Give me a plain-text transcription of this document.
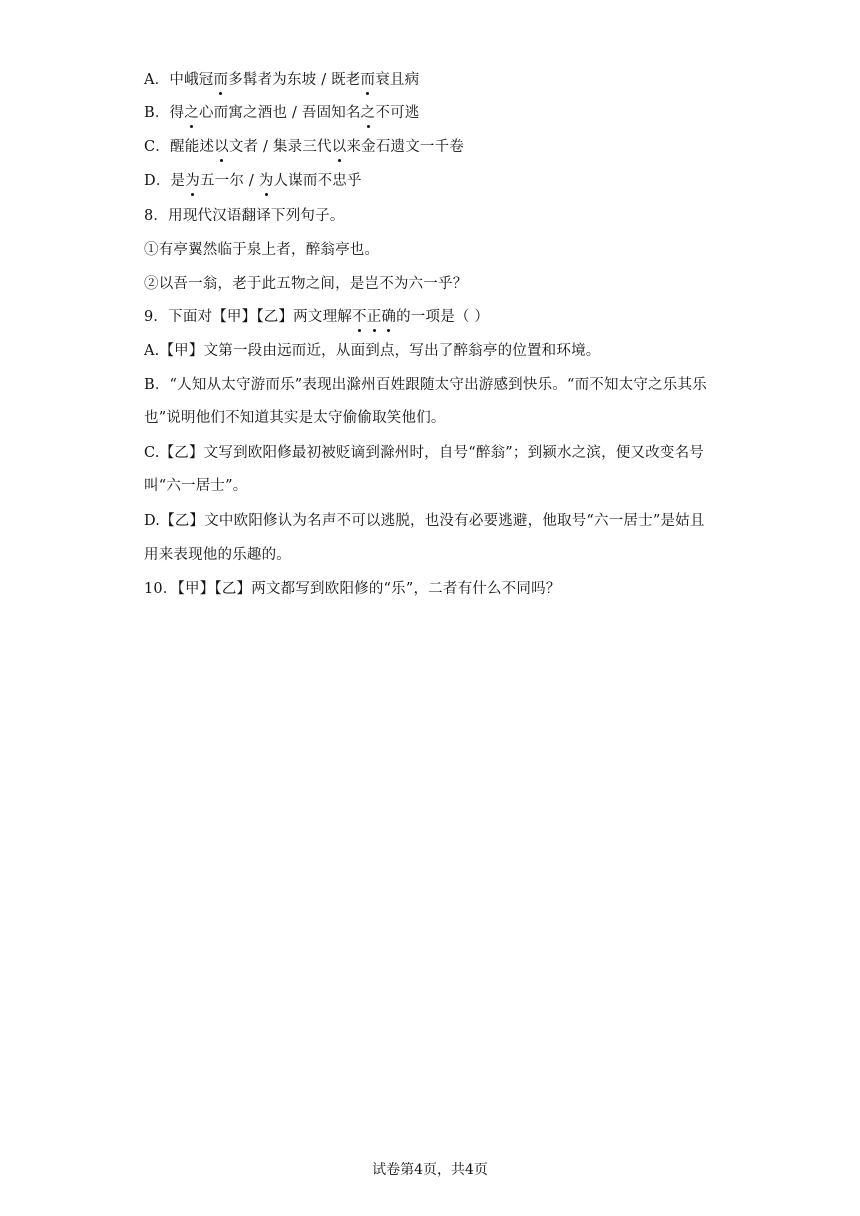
A．中峨冠而多髯者为东坡 / 既老而衰且病
B．得之心而寓之酒也 / 吾固知名之不可逃
C．醒能述以文者 / 集录三代以来金石遗文一千卷
D．是为五一尔 / 为人谋而不忠乎
8．用现代汉语翻译下列句子。
①有亭翼然临于泉上者，醉翁亭也。
②以吾一翁，老于此五物之间，是岂不为六一乎？
9．下面对【甲】【乙】两文理解不正确的一项是（ ）
A.【甲】文第一段由远而近，从面到点，写出了醉翁亭的位置和环境。
B．“人知从太守游而乐”表现出滁州百姓跟随太守出游感到快乐。“而不知太守之乐其乐
也”说明他们不知道其实是太守偷偷取笑他们。
C.【乙】文写到欧阳修最初被贬谪到滁州时，自号“醉翁”；到颍水之滨，便又改变名号
叫“六一居士”。
D.【乙】文中欧阳修认为名声不可以逃脱，也没有必要逃避，他取号“六一居士”是姑且
用来表现他的乐趣的。
10．【甲】【乙】两文都写到欧阳修的“乐”，二者有什么不同吗？
试卷第4页，共4页
